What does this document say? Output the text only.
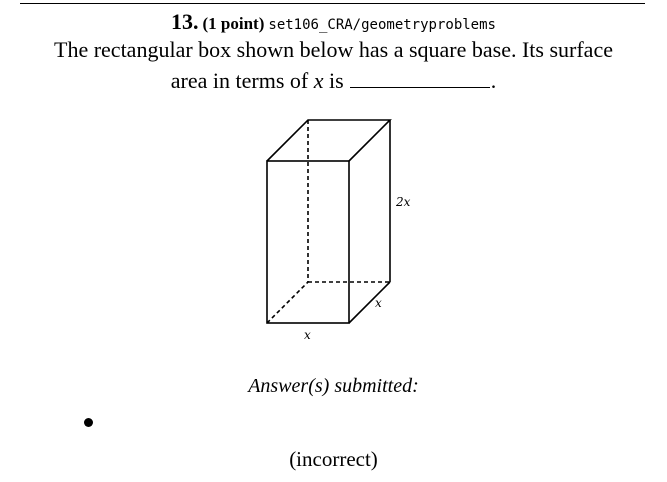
13. (1 point) set106_CRA/geometryproblems
The rectangular box shown below has a square base. Its surface
area in terms of x is	.
2x
x
x
Answer(s) submitted:
(incorrect)
